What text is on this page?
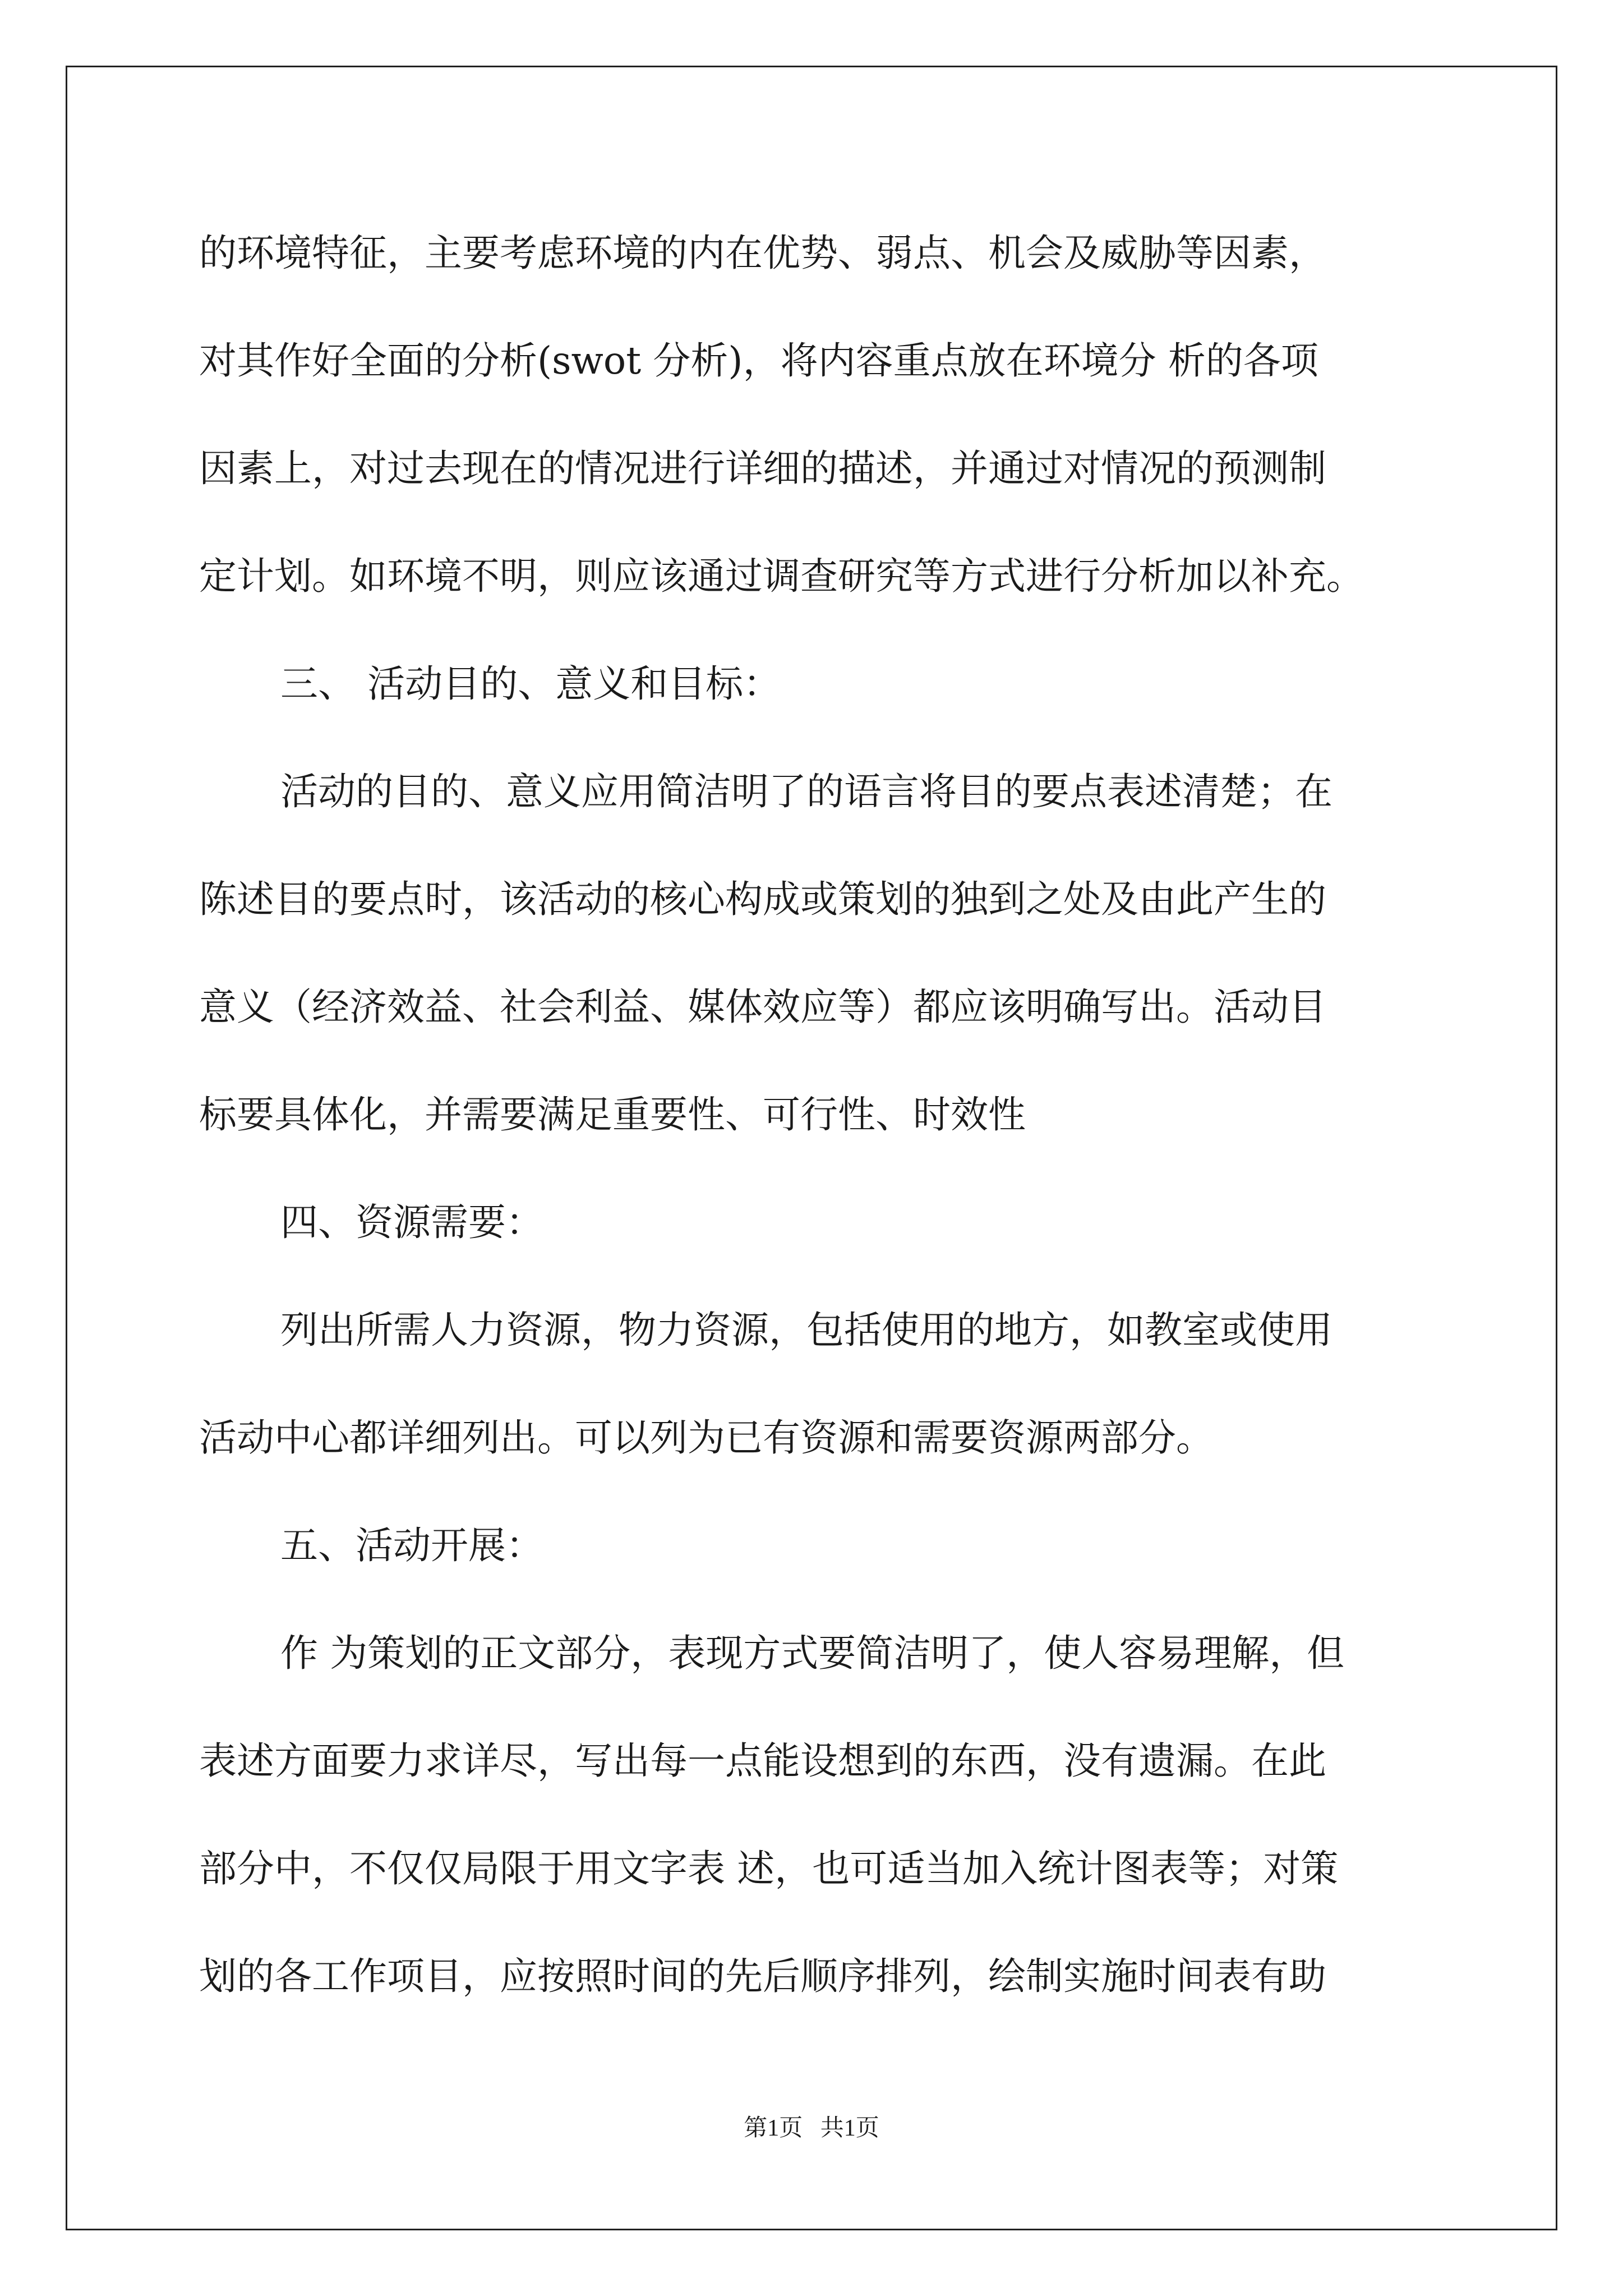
的环境特征，主要考虑环境的内在优势、弱点、机会及威胁等因素，
对其作好全面的分析(swot 分析)，将内容重点放在环境分 析的各项
因素上，对过去现在的情况进行详细的描述，并通过对情况的预测制
定计划。如环境不明，则应该通过调查研究等方式进行分析加以补充。
三、 活动目的、意义和目标：
活动的目的、意义应用简洁明了的语言将目的要点表述清楚；在
陈述目的要点时，该活动的核心构成或策划的独到之处及由此产生的
意义（经济效益、社会利益、媒体效应等）都应该明确写出。活动目
标要具体化，并需要满足重要性、可行性、时效性
四、资源需要：
列出所需人力资源，物力资源，包括使用的地方，如教室或使用
活动中心都详细列出。可以列为已有资源和需要资源两部分。
五、活动开展：
作 为策划的正文部分，表现方式要简洁明了，使人容易理解，但
表述方面要力求详尽，写出每一点能设想到的东西，没有遗漏。在此
部分中，不仅仅局限于用文字表 述，也可适当加入统计图表等；对策
划的各工作项目，应按照时间的先后顺序排列，绘制实施时间表有助
第1页   共1页
